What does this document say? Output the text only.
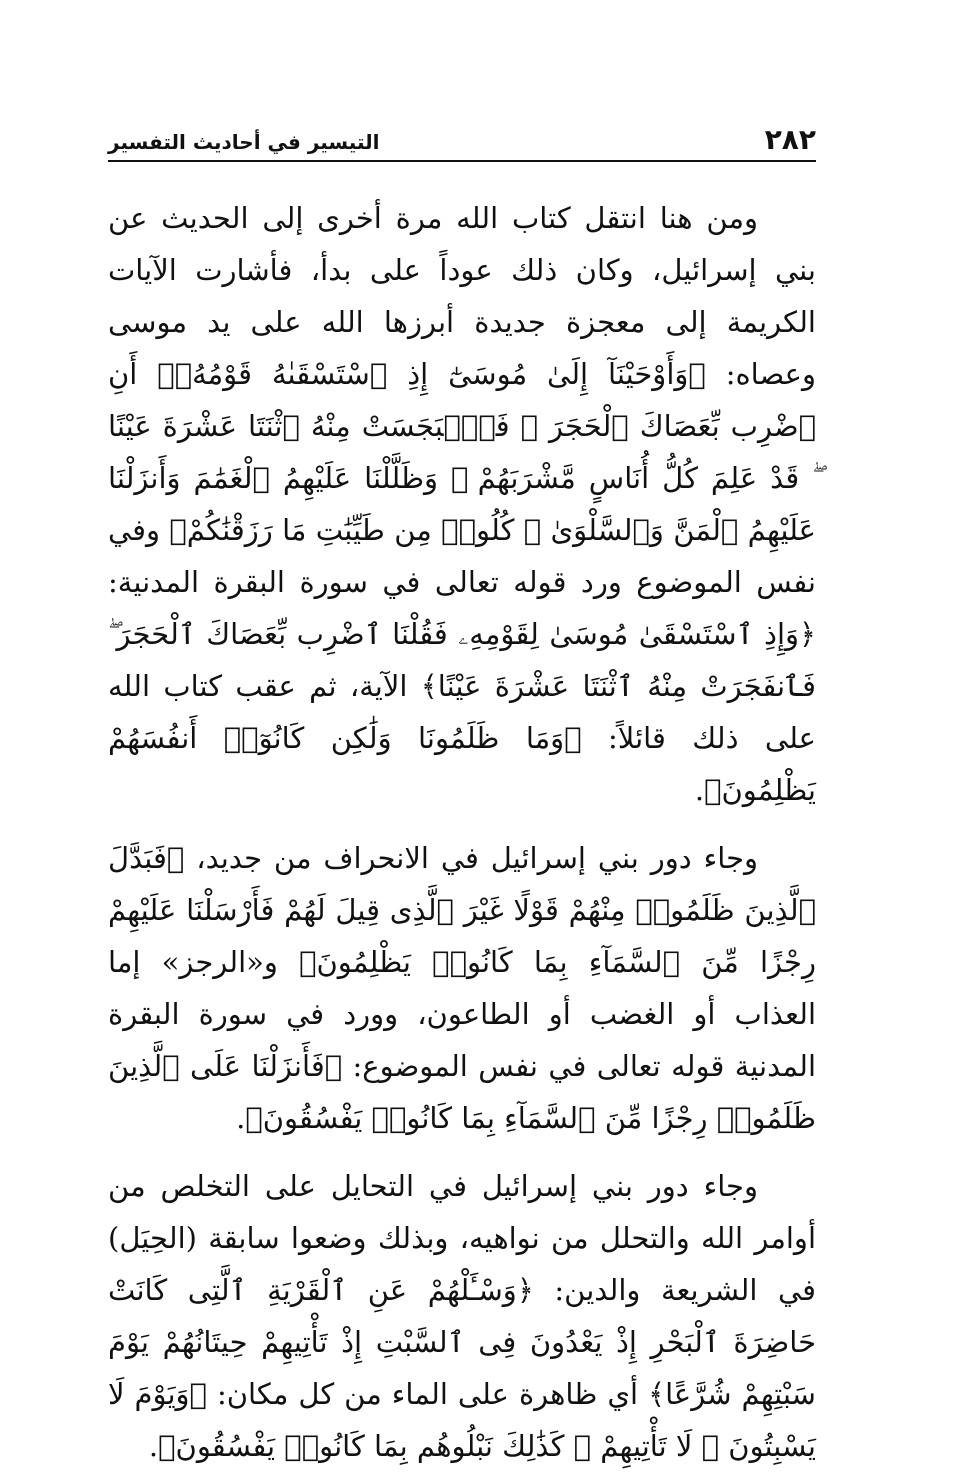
٢٨٢
التيسير في أحاديث التفسير

ومن هنا انتقل كتاب الله مرة أخرى إلى الحديث عن بني إسرائيل، وكان ذلك عوداً على بدأ، فأشارت الآيات الكريمة إلى معجزة جديدة أبرزها الله على يد موسى وعصاه: ﴿وَأَوْحَيْنَآ إِلَىٰ مُوسَىٰٓ إِذِ ٱسْتَسْقَىٰهُ قَوْمُهُۥٓ أَنِ ٱضْرِب بِّعَصَاكَ ٱلْحَجَرَ ۖ فَٱنۢبَجَسَتْ مِنْهُ ٱثْنَتَا عَشْرَةَ عَيْنًا ۖ قَدْ عَلِمَ كُلُّ أُنَاسٍ مَّشْرَبَهُمْ ۚ وَظَلَّلْنَا عَلَيْهِمُ ٱلْغَمَٰمَ وَأَنزَلْنَا عَلَيْهِمُ ٱلْمَنَّ وَٱلسَّلْوَىٰ ۖ كُلُوا۟ مِن طَيِّبَٰتِ مَا رَزَقْنَٰكُمْ﴾ وفي نفس الموضوع ورد قوله تعالى في سورة البقرة المدنية: ﴿وَإِذِ ٱسْتَسْقَىٰ مُوسَىٰ لِقَوْمِهِۦ فَقُلْنَا ٱضْرِب بِّعَصَاكَ ٱلْحَجَرَ ۖ فَٱنفَجَرَتْ مِنْهُ ٱثْنَتَا عَشْرَةَ عَيْنًا﴾ الآية، ثم عقب كتاب الله على ذلك قائلاً: ﴿وَمَا ظَلَمُونَا وَلَٰكِن كَانُوٓا۟ أَنفُسَهُمْ يَظْلِمُونَ﴾.

وجاء دور بني إسرائيل في الانحراف من جديد، ﴿فَبَدَّلَ ٱلَّذِينَ ظَلَمُوا۟ مِنْهُمْ قَوْلًا غَيْرَ ٱلَّذِى قِيلَ لَهُمْ فَأَرْسَلْنَا عَلَيْهِمْ رِجْزًا مِّنَ ٱلسَّمَآءِ بِمَا كَانُوا۟ يَظْلِمُونَ﴾ و«الرجز» إما العذاب أو الغضب أو الطاعون، وورد في سورة البقرة المدنية قوله تعالى في نفس الموضوع: ﴿فَأَنزَلْنَا عَلَى ٱلَّذِينَ ظَلَمُوا۟ رِجْزًا مِّنَ ٱلسَّمَآءِ بِمَا كَانُوا۟ يَفْسُقُونَ﴾.

وجاء دور بني إسرائيل في التحايل على التخلص من أوامر الله والتحلل من نواهيه، وبذلك وضعوا سابقة (الحِيَل) في الشريعة والدين: ﴿وَسْـَٔلْهُمْ عَنِ ٱلْقَرْيَةِ ٱلَّتِى كَانَتْ حَاضِرَةَ ٱلْبَحْرِ إِذْ يَعْدُونَ فِى ٱلسَّبْتِ إِذْ تَأْتِيهِمْ حِيتَانُهُمْ يَوْمَ سَبْتِهِمْ شُرَّعًا﴾ أي ظاهرة على الماء من كل مكان: ﴿وَيَوْمَ لَا يَسْبِتُونَ ۙ لَا تَأْتِيهِمْ ۚ كَذَٰلِكَ نَبْلُوهُم بِمَا كَانُوا۟ يَفْسُقُونَ﴾.
